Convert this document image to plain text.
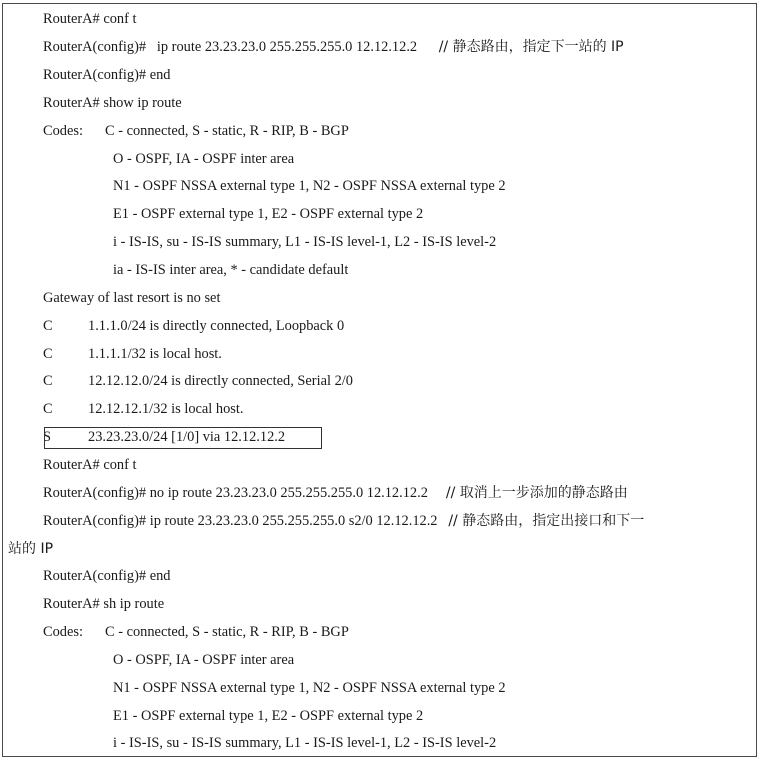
RouterA# conf t
RouterA(config)#   ip route 23.23.23.0 255.255.255.0 12.12.12.2      // 静态路由，指定下一站的 IP
RouterA(config)# end
RouterA# show ip route
Codes: C - connected, S - static, R - RIP, B - BGP
O - OSPF, IA - OSPF inter area
N1 - OSPF NSSA external type 1, N2 - OSPF NSSA external type 2
E1 - OSPF external type 1, E2 - OSPF external type 2
i - IS-IS, su - IS-IS summary, L1 - IS-IS level-1, L2 - IS-IS level-2
ia - IS-IS inter area, * - candidate default
Gateway of last resort is no set
C 1.1.1.0/24 is directly connected, Loopback 0
C 1.1.1.1/32 is local host.
C 12.12.12.0/24 is directly connected, Serial 2/0
C 12.12.12.1/32 is local host.
S	23.23.23.0/24 [1/0] via 12.12.12.2
RouterA# conf t
RouterA(config)# no ip route 23.23.23.0 255.255.255.0 12.12.12.2     // 取消上一步添加的静态路由
RouterA(config)# ip route 23.23.23.0 255.255.255.0 s2/0 12.12.12.2   // 静态路由，指定出接口和下一
站的 IP
RouterA(config)# end
RouterA# sh ip route
Codes: C - connected, S - static, R - RIP, B - BGP
O - OSPF, IA - OSPF inter area
N1 - OSPF NSSA external type 1, N2 - OSPF NSSA external type 2
E1 - OSPF external type 1, E2 - OSPF external type 2
i - IS-IS, su - IS-IS summary, L1 - IS-IS level-1, L2 - IS-IS level-2
